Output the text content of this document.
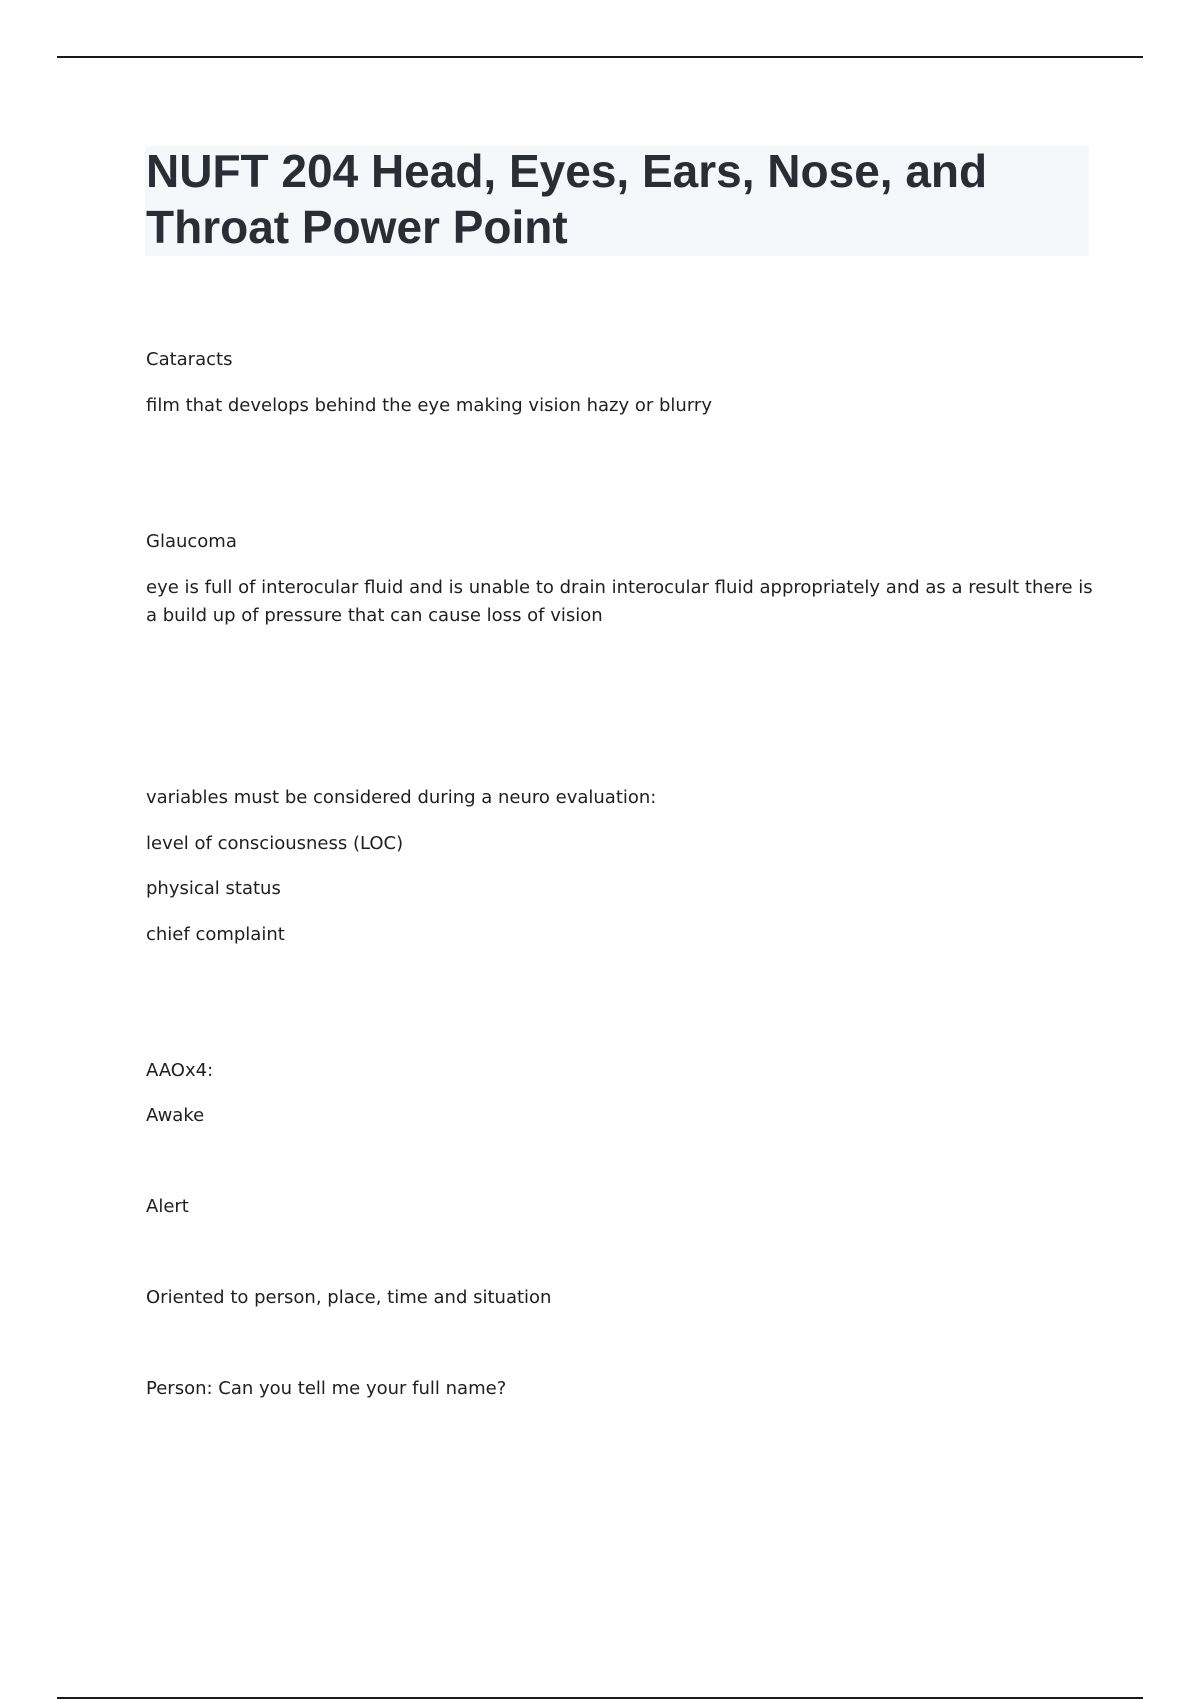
NUFT 204 Head, Eyes, Ears, Nose, and Throat Power Point

Cataracts

film that develops behind the eye making vision hazy or blurry

Glaucoma

eye is full of interocular fluid and is unable to drain interocular fluid appropriately and as a result there is a build up of pressure that can cause loss of vision

variables must be considered during a neuro evaluation:

level of consciousness (LOC)

physical status

chief complaint

AAOx4:

Awake

Alert

Oriented to person, place, time and situation

Person: Can you tell me your full name?
